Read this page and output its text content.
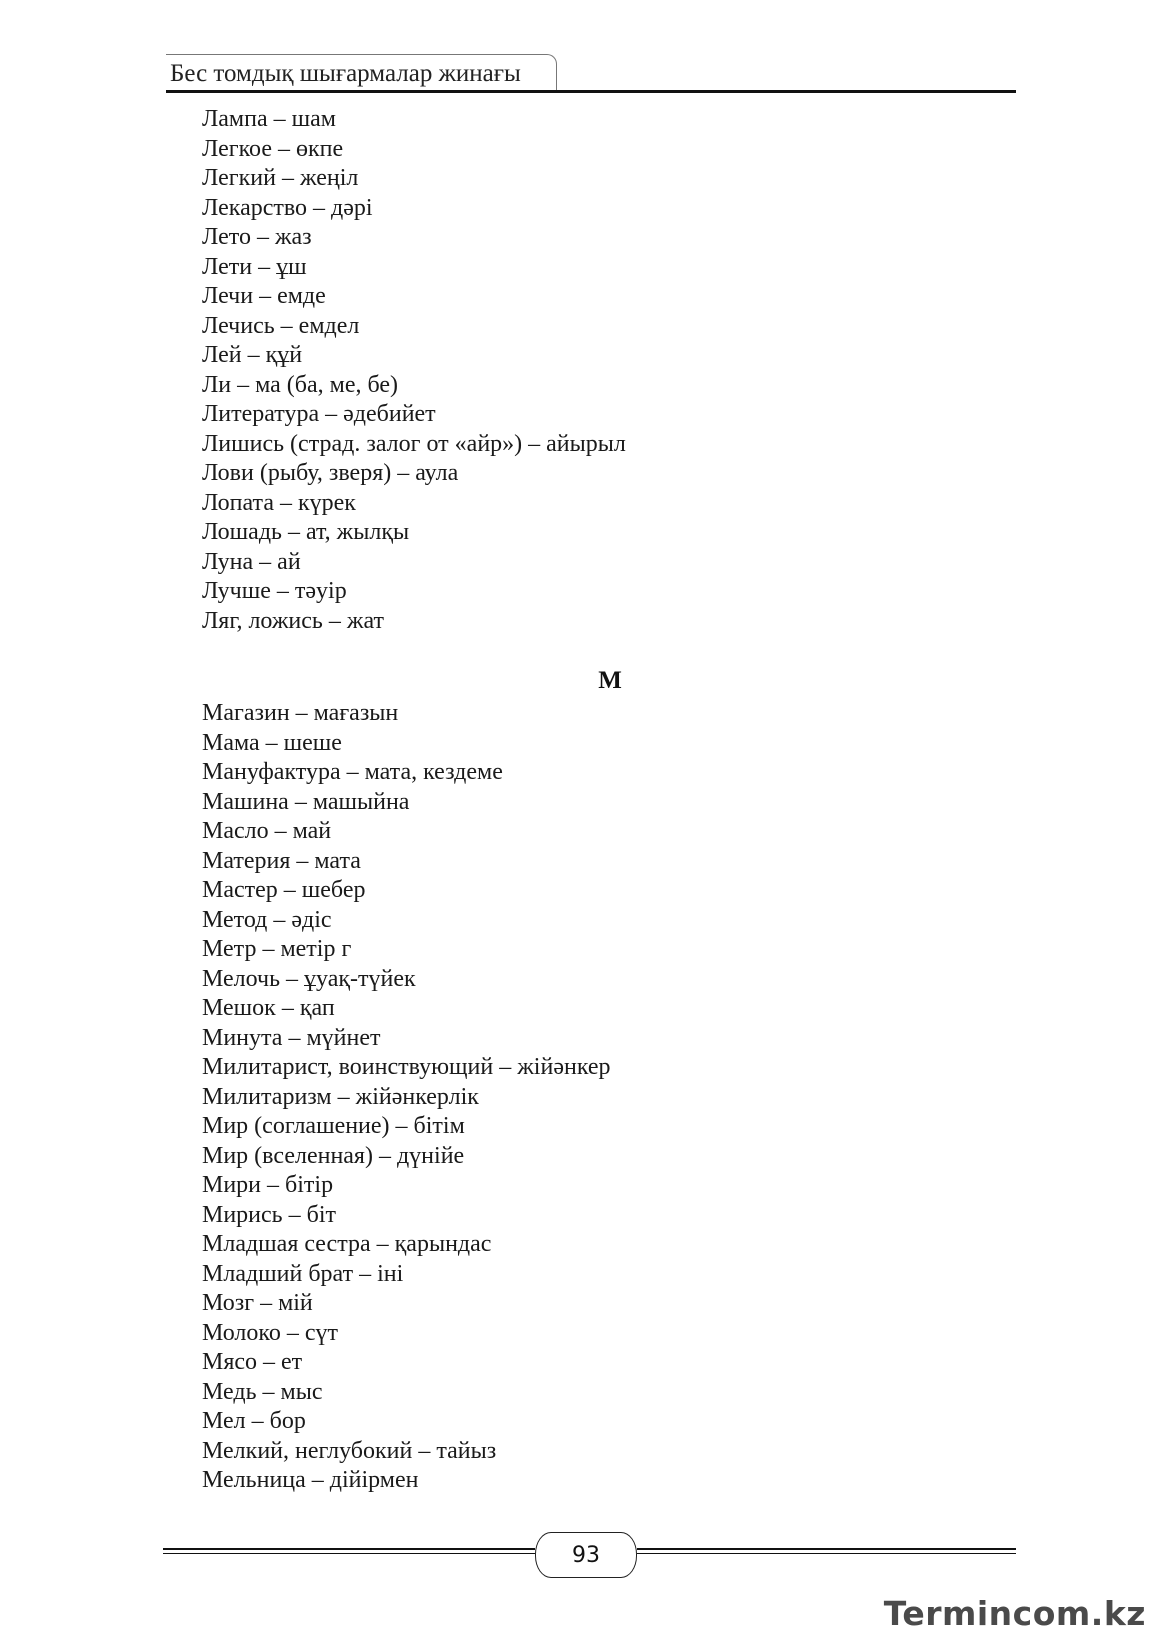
Бес томдық шығармалар жинағы
Лампа – шам
Легкое – өкпе
Легкий – жеңіл
Лекарство – дәрі
Лето – жаз
Лети – ұш
Лечи – емде
Лечись – емдел
Лей – құй
Ли – ма (ба, ме, бе)
Литература – әдебийет
Лишись (страд. залог от «айр») – айырыл
Лови (рыбу, зверя) – аула
Лопата – күрек
Лошадь – ат, жылқы
Луна – ай
Лучше – тәуір
Ляг, ложись – жат
М
Магазин – мағазын
Мама – шеше
Мануфактура – мата, кездеме
Машина – машыйна
Масло – май
Материя – мата
Мастер – шебер
Метод – әдіс
Метр – метір г
Мелочь – ұуақ-түйек
Мешок – қап
Минута – мүйнет
Милитарист, воинствующий – жійәнкер
Милитаризм – жійәнкерлік
Мир (соглашение) – бітім
Мир (вселенная) – дүнійе
Мири – бітір
Мирись – біт
Младшая сестра – қарындас
Младший брат – іні
Мозг – мій
Молоко – сүт
Мясо – ет
Медь – мыс
Мел – бор
Мелкий, неглубокий – тайыз
Мельница – дійірмен
93
Termincom.kz
